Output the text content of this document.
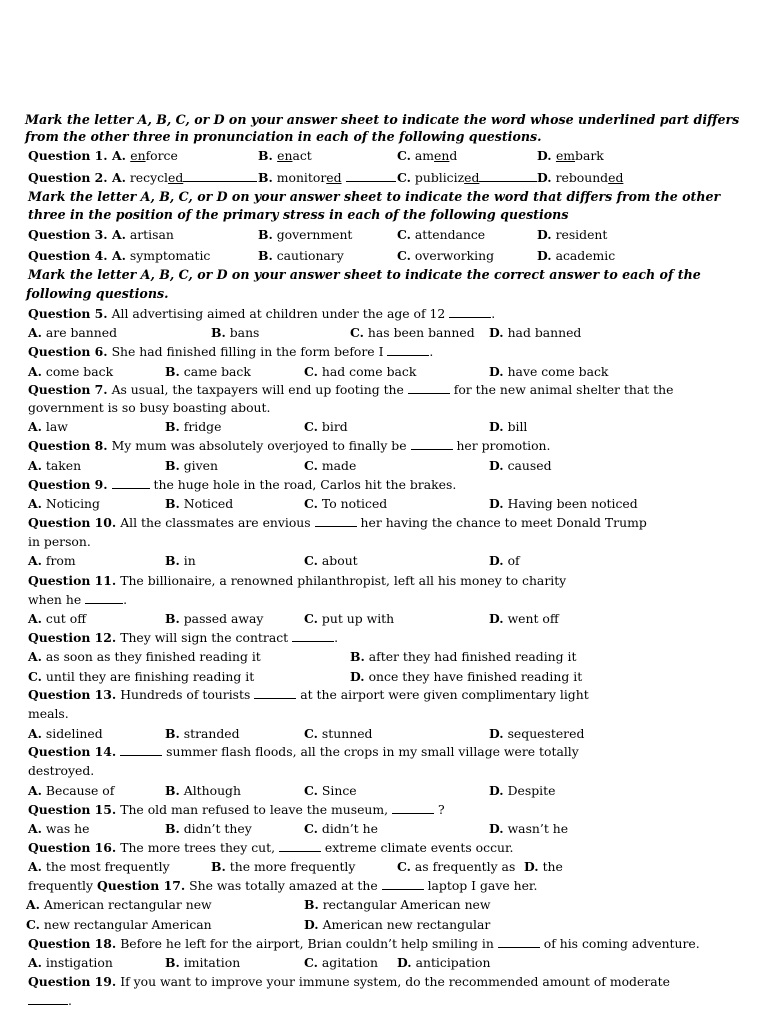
Mark the letter A, B, C, or D on your answer sheet to indicate the word whose underlined part differs
from the other three in pronunciation in each of the following questions.
Question 1. A. enforce	B. enact	C. amend	D. embark
Question 2. A. recycled	B. monitored	C. publicized	D. rebounded
Mark the letter A, B, C, or D on your answer sheet to indicate the word that differs from the other
three in the position of the primary stress in each of the following questions
Question 3. A. artisan	B. government	C. attendance	D. resident
Question 4. A. symptomatic	B. cautionary	C. overworking	D. academic
Mark the letter A, B, C, or D on your answer sheet to indicate the correct answer to each of the
following questions.
Question 5. All advertising aimed at children under the age of 12	.
A. are banned	B. bans	C. has been banned D. had banned
Question 6. She had finished filling in the form before I	.
A. come back	B. came back	C. had come back	D. have come back
Question 7. As usual, the taxpayers will end up footing the	for the new animal shelter that the
government is so busy boasting about.
A. law	B. fridge	C. bird	D. bill
Question 8. My mum was absolutely overjoyed to finally be	her promotion.
A. taken	B. given	C. made	D. caused
Question 9.	the huge hole in the road, Carlos hit the brakes.
A. Noticing	B. Noticed	C. To noticed	D. Having been noticed
Question 10. All the classmates are envious	her having the chance to meet Donald Trump
in person.
A. from	B. in	C. about	D. of
Question 11. The billionaire, a renowned philanthropist, left all his money to charity
when he	.
A. cut off	B. passed away	C. put up with	D. went off
Question 12. They will sign the contract	.
A. as soon as they finished reading it	B. after they had finished reading it
C. until they are finishing reading it	D. once they have finished reading it
Question 13. Hundreds of tourists	at the airport were given complimentary light
meals.
A. sidelined	B. stranded	C. stunned	D. sequestered
Question 14.	summer flash floods, all the crops in my small village were totally
destroyed.
A. Because of	B. Although	C. Since	D. Despite
Question 15. The old man refused to leave the museum,	?
A. was he	B. didn’t they	C. didn’t he	D. wasn’t he
Question 16. The more trees they cut,	extreme climate events occur.
A. the most frequently	B. the more frequently	C. as frequently as D. the
frequently Question 17. She was totally amazed at the	laptop I gave her.
A. American rectangular new	B. rectangular American new
C. new rectangular American	D. American new rectangular
Question 18. Before he left for the airport, Brian couldn’t help smiling in	of his coming adventure.
A. instigation	B. imitation	C. agitation D. anticipation
Question 19. If you want to improve your immune system, do the recommended amount of moderate
.
